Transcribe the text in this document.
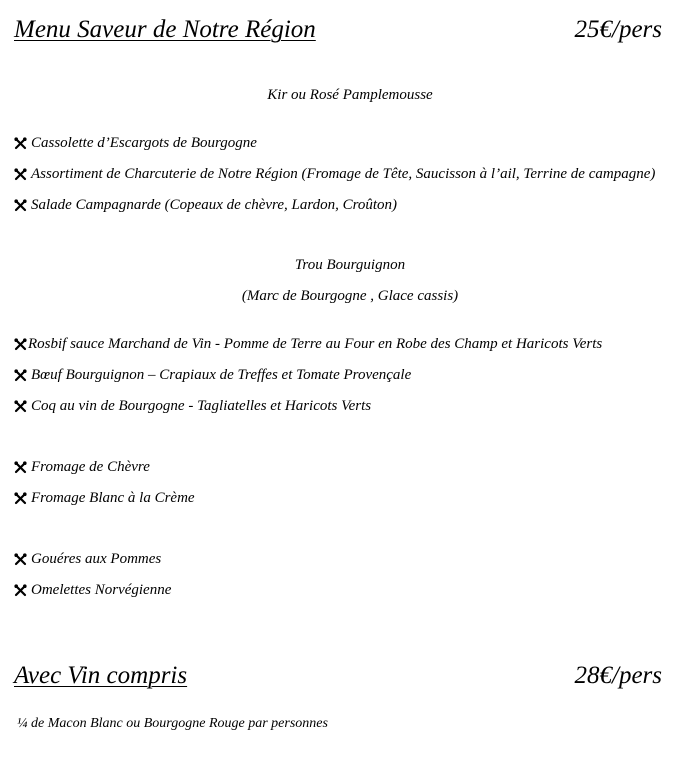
Menu Saveur de Notre Région	25€/pers
Kir ou Rosé Pamplemousse
Cassolette d’Escargots de Bourgogne
Assortiment de Charcuterie de Notre Région (Fromage de Tête, Saucisson à l’ail, Terrine de campagne)
Salade Campagnarde (Copeaux de chèvre, Lardon, Croûton)
Trou Bourguignon
(Marc de Bourgogne , Glace cassis)
Rosbif sauce Marchand de Vin - Pomme de Terre au Four en Robe des Champ et Haricots Verts
Bœuf Bourguignon – Crapiaux de Treffes et Tomate Provençale
Coq au vin de Bourgogne - Tagliatelles et Haricots Verts
Fromage de Chèvre
Fromage Blanc à la Crème
Gouéres aux Pommes
Omelettes Norvégienne
Avec Vin compris	28€/pers
¼ de Macon Blanc ou Bourgogne Rouge par personnes
